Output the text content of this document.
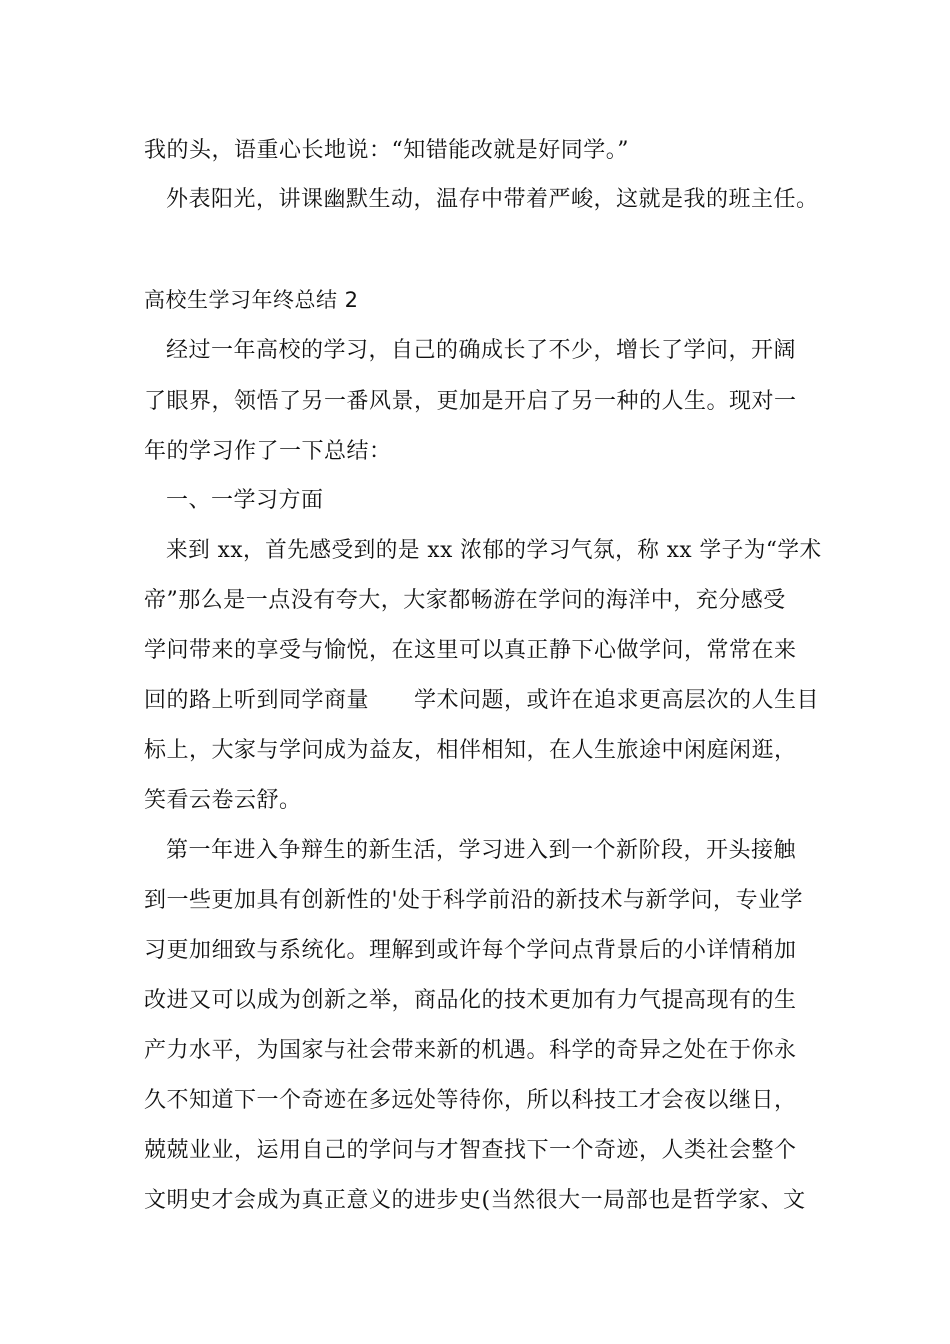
我的头，语重心长地说：“知错能改就是好同学。”
外表阳光，讲课幽默生动，温存中带着严峻，这就是我的班主任。
高校生学习年终总结 2
经过一年高校的学习，自己的确成长了不少，增长了学问，开阔
了眼界，领悟了另一番风景，更加是开启了另一种的人生。现对一
年的学习作了一下总结：
一、一学习方面
来到 xx，首先感受到的是 xx 浓郁的学习气氛，称 xx 学子为“学术
帝”那么是一点没有夸大，大家都畅游在学问的海洋中，充分感受
学问带来的享受与愉悦，在这里可以真正静下心做学问，常常在来
回的路上听到同学商量　　学术问题，或许在追求更高层次的人生目
标上，大家与学问成为益友，相伴相知，在人生旅途中闲庭闲逛，
笑看云卷云舒。
第一年进入争辩生的新生活，学习进入到一个新阶段，开头接触
到一些更加具有创新性的'处于科学前沿的新技术与新学问，专业学
习更加细致与系统化。理解到或许每个学问点背景后的小详情稍加
改进又可以成为创新之举，商品化的技术更加有力气提高现有的生
产力水平，为国家与社会带来新的机遇。科学的奇异之处在于你永
久不知道下一个奇迹在多远处等待你，所以科技工才会夜以继日，
兢兢业业，运用自己的学问与才智查找下一个奇迹，人类社会整个
文明史才会成为真正意义的进步史(当然很大一局部也是哲学家、文
